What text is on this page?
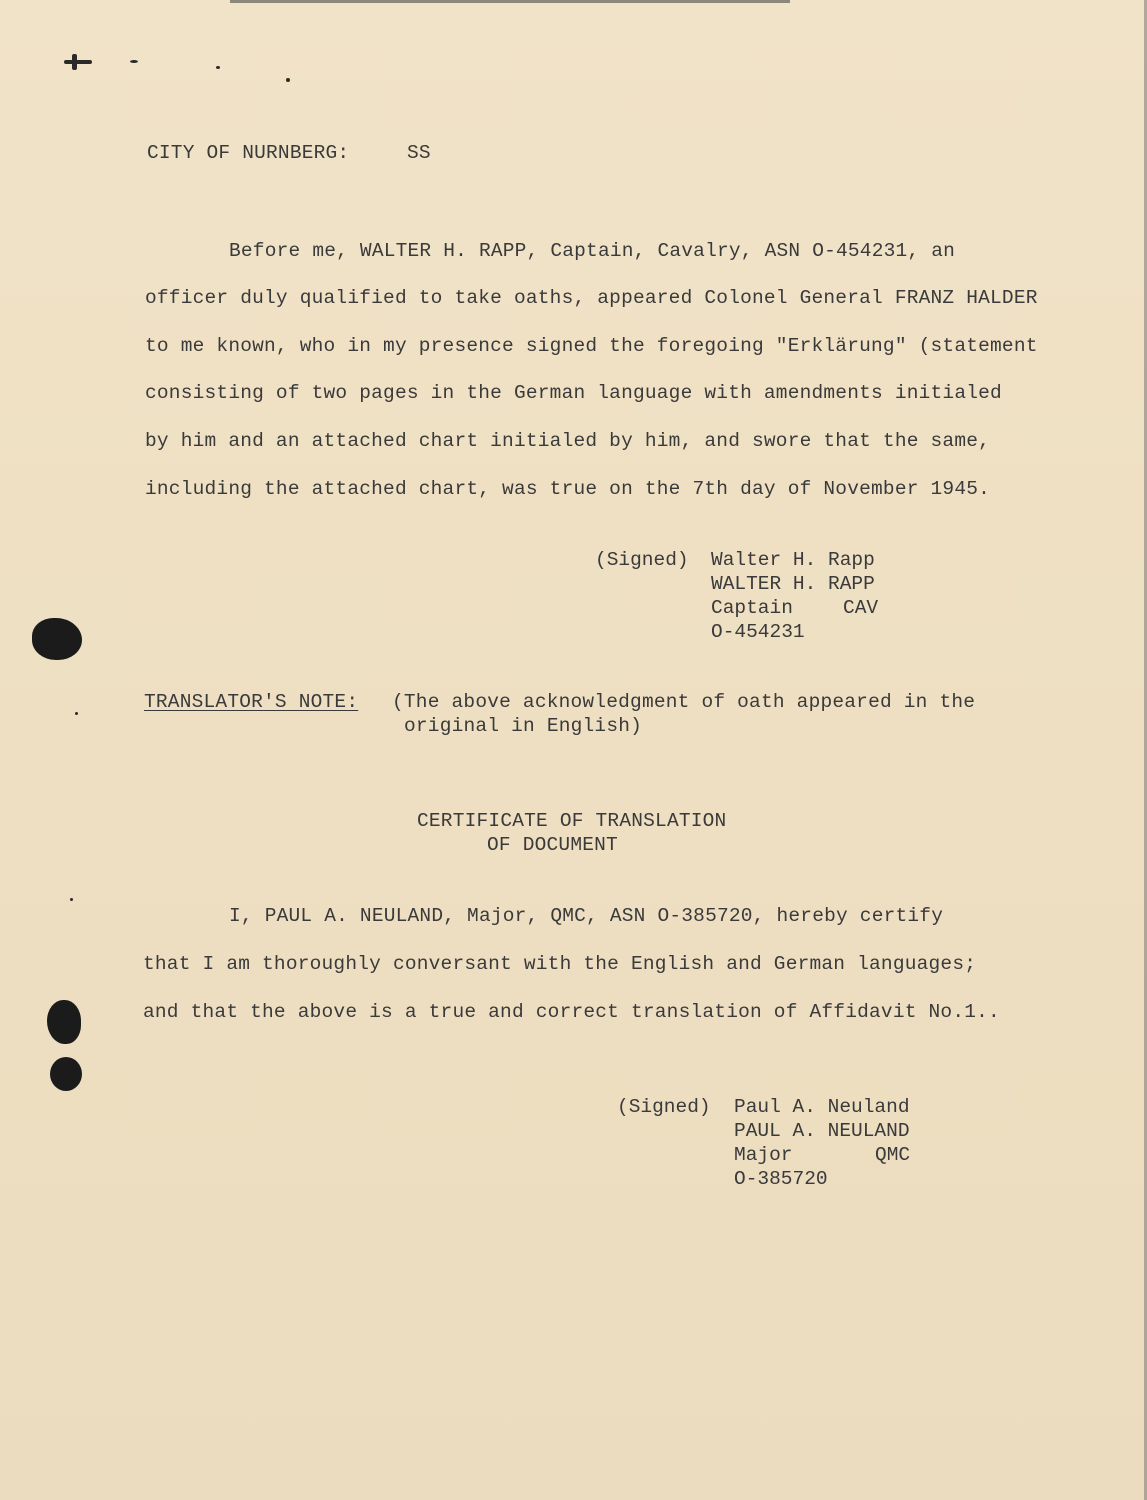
CITY OF NURNBERG:	SS
Before me, WALTER H. RAPP, Captain, Cavalry, ASN O-454231, an
officer duly qualified to take oaths, appeared Colonel General FRANZ HALDER
to me known, who in my presence signed the foregoing "Erklärung" (statement
consisting of two pages in the German language with amendments initialed
by him and an attached chart initialed by him, and swore that the same,
including the attached chart, was true on the 7th day of November 1945.
(Signed) Walter H. Rapp
WALTER H. RAPP
Captain	CAV
O-454231
TRANSLATOR'S NOTE: (The above acknowledgment of oath appeared in the
original in English)
CERTIFICATE OF TRANSLATION
OF DOCUMENT
I, PAUL A. NEULAND, Major, QMC, ASN O-385720, hereby certify
that I am thoroughly conversant with the English and German languages;
and that the above is a true and correct translation of Affidavit No.1..
(Signed) Paul A. Neuland
PAUL A. NEULAND
Major	QMC
O-385720
